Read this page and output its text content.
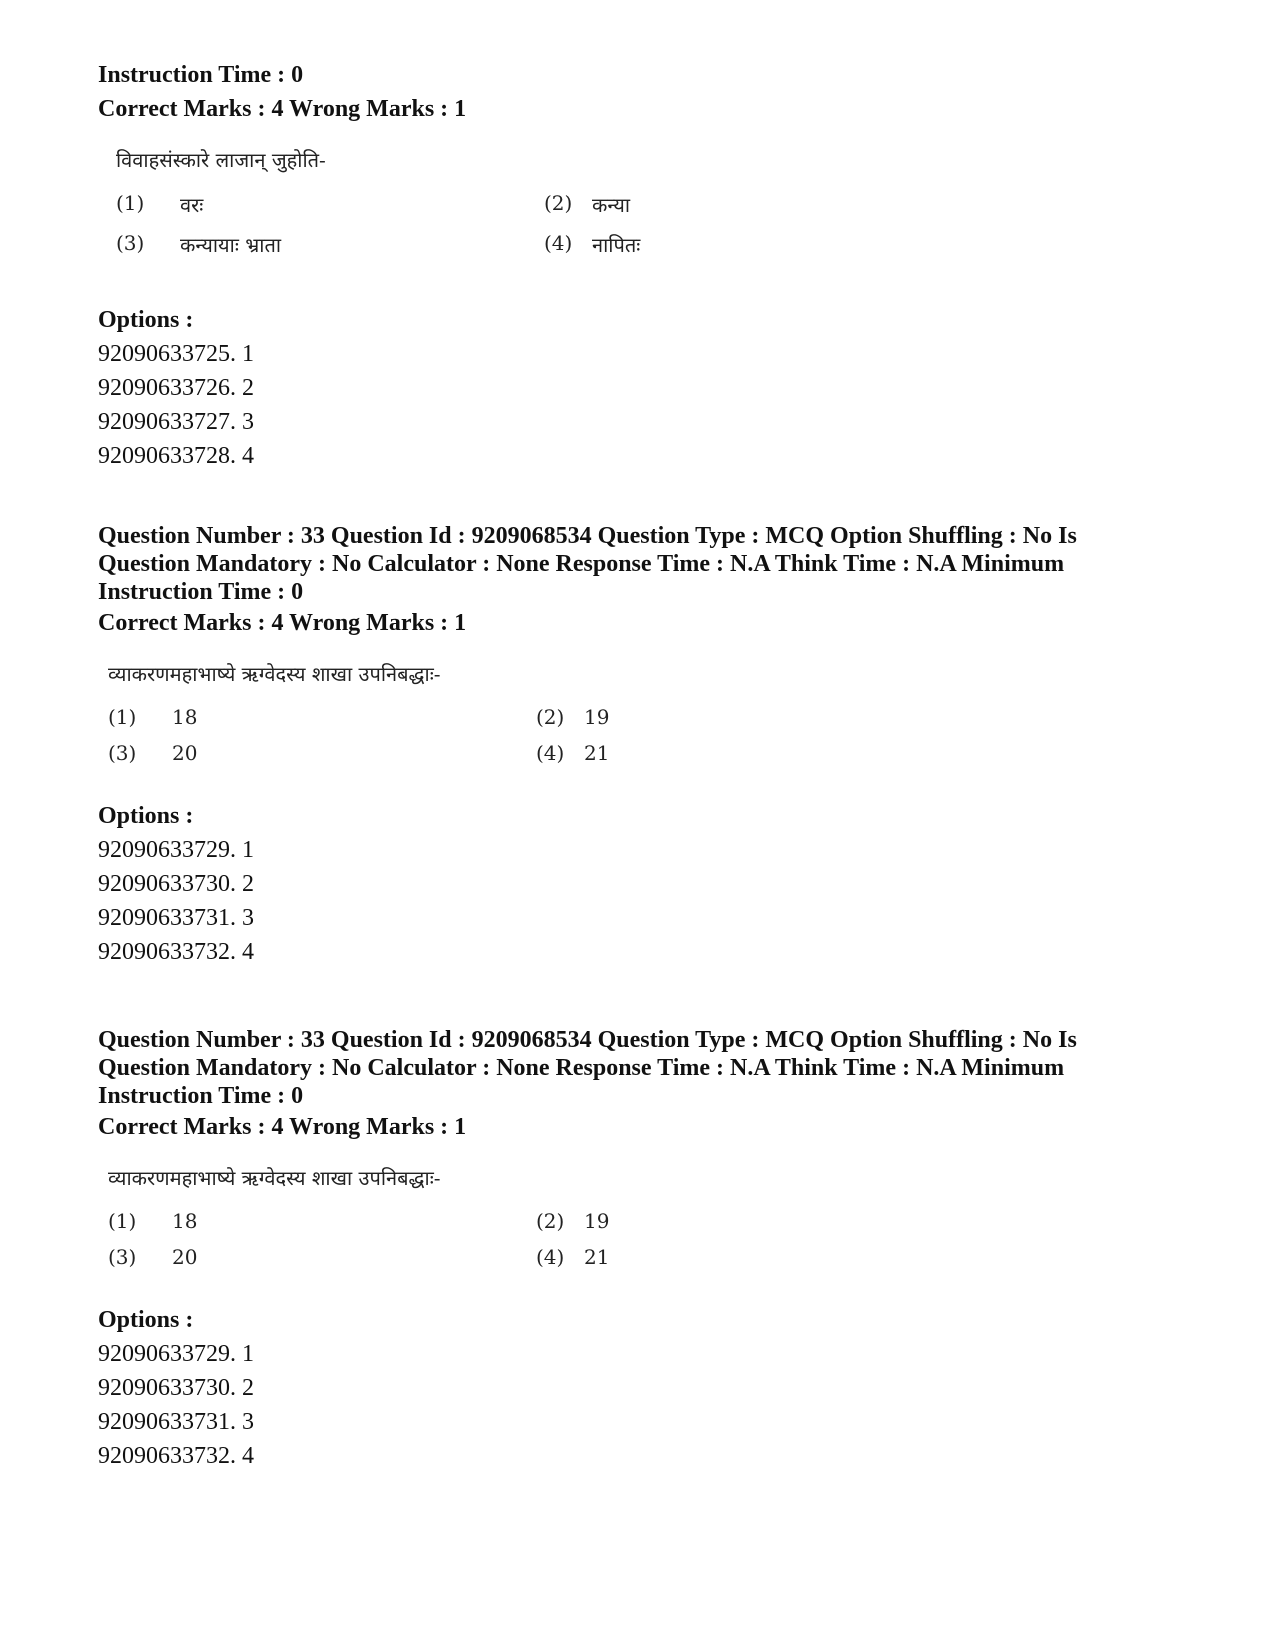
Instruction Time : 0
Correct Marks : 4 Wrong Marks : 1
विवाहसंस्कारे लाजान् जुहोति-
(1)	वरः	(2) कन्या
(3)	कन्यायाः भ्राता	(4) नापितः
Options :
92090633725. 1
92090633726. 2
92090633727. 3
92090633728. 4
Question Number : 33 Question Id : 9209068534 Question Type : MCQ Option Shuffling : No Is
Question Mandatory : No Calculator : None Response Time : N.A Think Time : N.A Minimum
Instruction Time : 0
Correct Marks : 4 Wrong Marks : 1
व्याकरणमहाभाष्ये ऋग्वेदस्य शाखा उपनिबद्धाः-
(1)	18	(2) 19
(3)	20	(4) 21
Options :
92090633729. 1
92090633730. 2
92090633731. 3
92090633732. 4
Question Number : 33 Question Id : 9209068534 Question Type : MCQ Option Shuffling : No Is
Question Mandatory : No Calculator : None Response Time : N.A Think Time : N.A Minimum
Instruction Time : 0
Correct Marks : 4 Wrong Marks : 1
व्याकरणमहाभाष्ये ऋग्वेदस्य शाखा उपनिबद्धाः-
(1)	18	(2) 19
(3)	20	(4) 21
Options :
92090633729. 1
92090633730. 2
92090633731. 3
92090633732. 4
